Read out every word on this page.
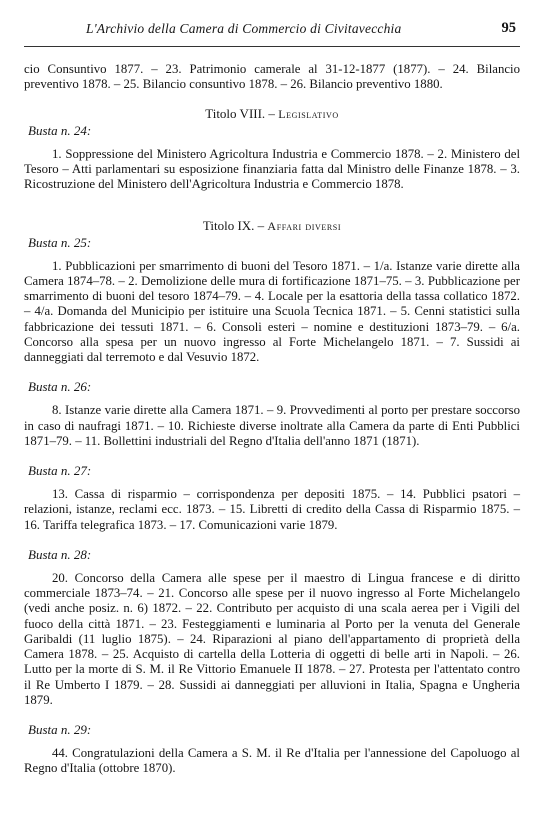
L'Archivio della Camera di Commercio di Civitavecchia	95

cio Consuntivo 1877. – 23. Patrimonio camerale al 31-12-1877 (1877). – 24. Bilancio preventivo 1878. – 25. Bilancio consuntivo 1878. – 26. Bilancio preventivo 1880.

Titolo VIII. – Legislativo

Busta n. 24:

1. Soppressione del Ministero Agricoltura Industria e Commercio 1878. – 2. Ministero del Tesoro – Atti parlamentari su esposizione finanziaria fatta dal Ministro delle Finanze 1878. – 3. Ricostruzione del Ministero dell'Agricoltura Industria e Commercio 1878.

Titolo IX. – Affari diversi

Busta n. 25:

1. Pubblicazioni per smarrimento di buoni del Tesoro 1871. – 1/a. Istanze varie dirette alla Camera 1874–78. – 2. Demolizione delle mura di fortificazione 1871–75. – 3. Pubblicazione per smarrimento di buoni del tesoro 1874–79. – 4. Locale per la esattoria della tassa collatico 1872. – 4/a. Domanda del Municipio per istituire una Scuola Tecnica 1871. – 5. Cenni statistici sulla fabbricazione dei tessuti 1871. – 6. Consoli esteri – nomine e destituzioni 1873–79. – 6/a. Concorso alla spesa per un nuovo ingresso al Forte Michelangelo 1871. – 7. Sussidi ai danneggiati dal terremoto e dal Vesuvio 1872.

Busta n. 26:

8. Istanze varie dirette alla Camera 1871. – 9. Provvedimenti al porto per prestare soccorso in caso di naufragi 1871. – 10. Richieste diverse inoltrate alla Camera da parte di Enti Pubblici 1871–79. – 11. Bollettini industriali del Regno d'Italia dell'anno 1871 (1871).

Busta n. 27:

13. Cassa di risparmio – corrispondenza per depositi 1875. – 14. Pubblici psatori – relazioni, istanze, reclami ecc. 1873. – 15. Libretti di credito della Cassa di Risparmio 1875. – 16. Tariffa telegrafica 1873. – 17. Comunicazioni varie 1879.

Busta n. 28:

20. Concorso della Camera alle spese per il maestro di Lingua francese e di diritto commerciale 1873–74. – 21. Concorso alle spese per il nuovo ingresso al Forte Michelangelo (vedi anche posiz. n. 6) 1872. – 22. Contributo per acquisto di una scala aerea per i Vigili del fuoco della città 1871. – 23. Festeggiamenti e luminaria al Porto per la venuta del Generale Garibaldi (11 luglio 1875). – 24. Riparazioni al piano dell'appartamento di proprietà della Camera 1878. – 25. Acquisto di cartella della Lotteria di oggetti di belle arti in Napoli. – 26. Lutto per la morte di S. M. il Re Vittorio Emanuele II 1878. – 27. Protesta per l'attentato contro il Re Umberto I 1879. – 28. Sussidi ai danneggiati per alluvioni in Italia, Spagna e Ungheria 1879.

Busta n. 29:

44. Congratulazioni della Camera a S. M. il Re d'Italia per l'annessione del Capoluogo al Regno d'Italia (ottobre 1870).
